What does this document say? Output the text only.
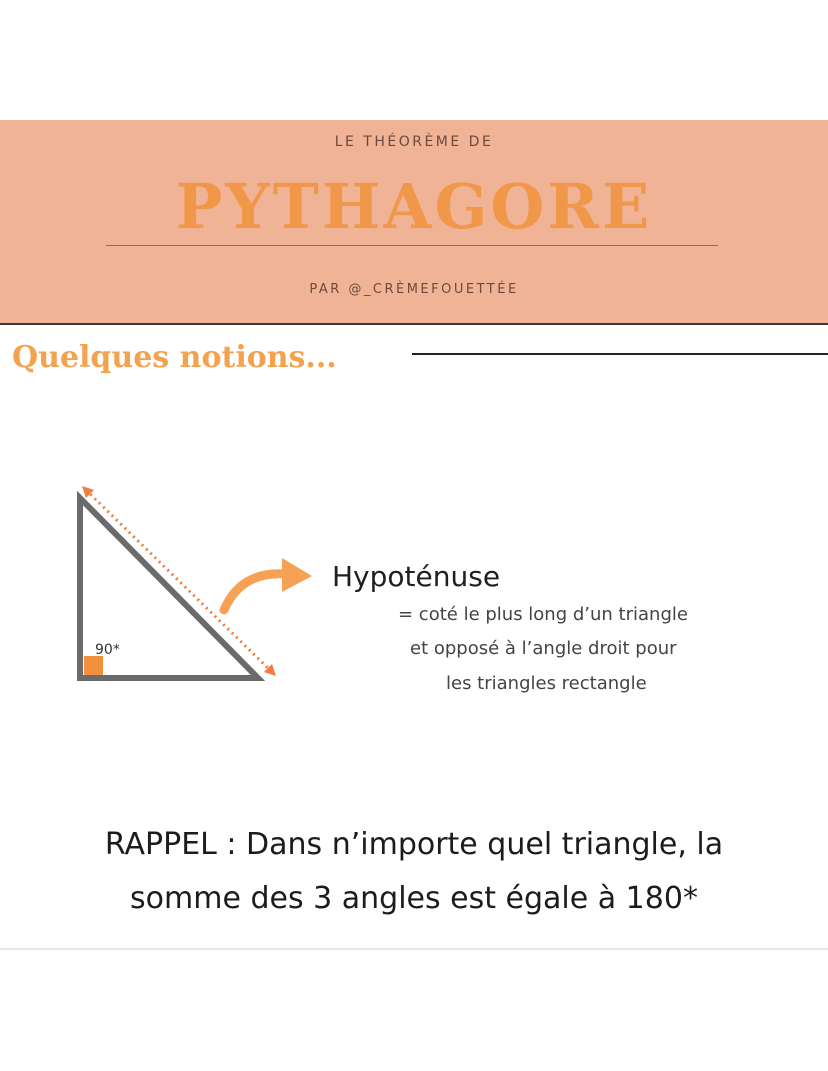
LE THÉORÈME DE
PYTHAGORE
PAR @_CRÈMEFOUETTÉE
Quelques notions...
90*
Hypoténuse
= coté le plus long d’un triangle
et opposé à l’angle droit pour
les triangles rectangle
RAPPEL : Dans n’importe quel triangle, la
somme des 3 angles est égale à 180*
